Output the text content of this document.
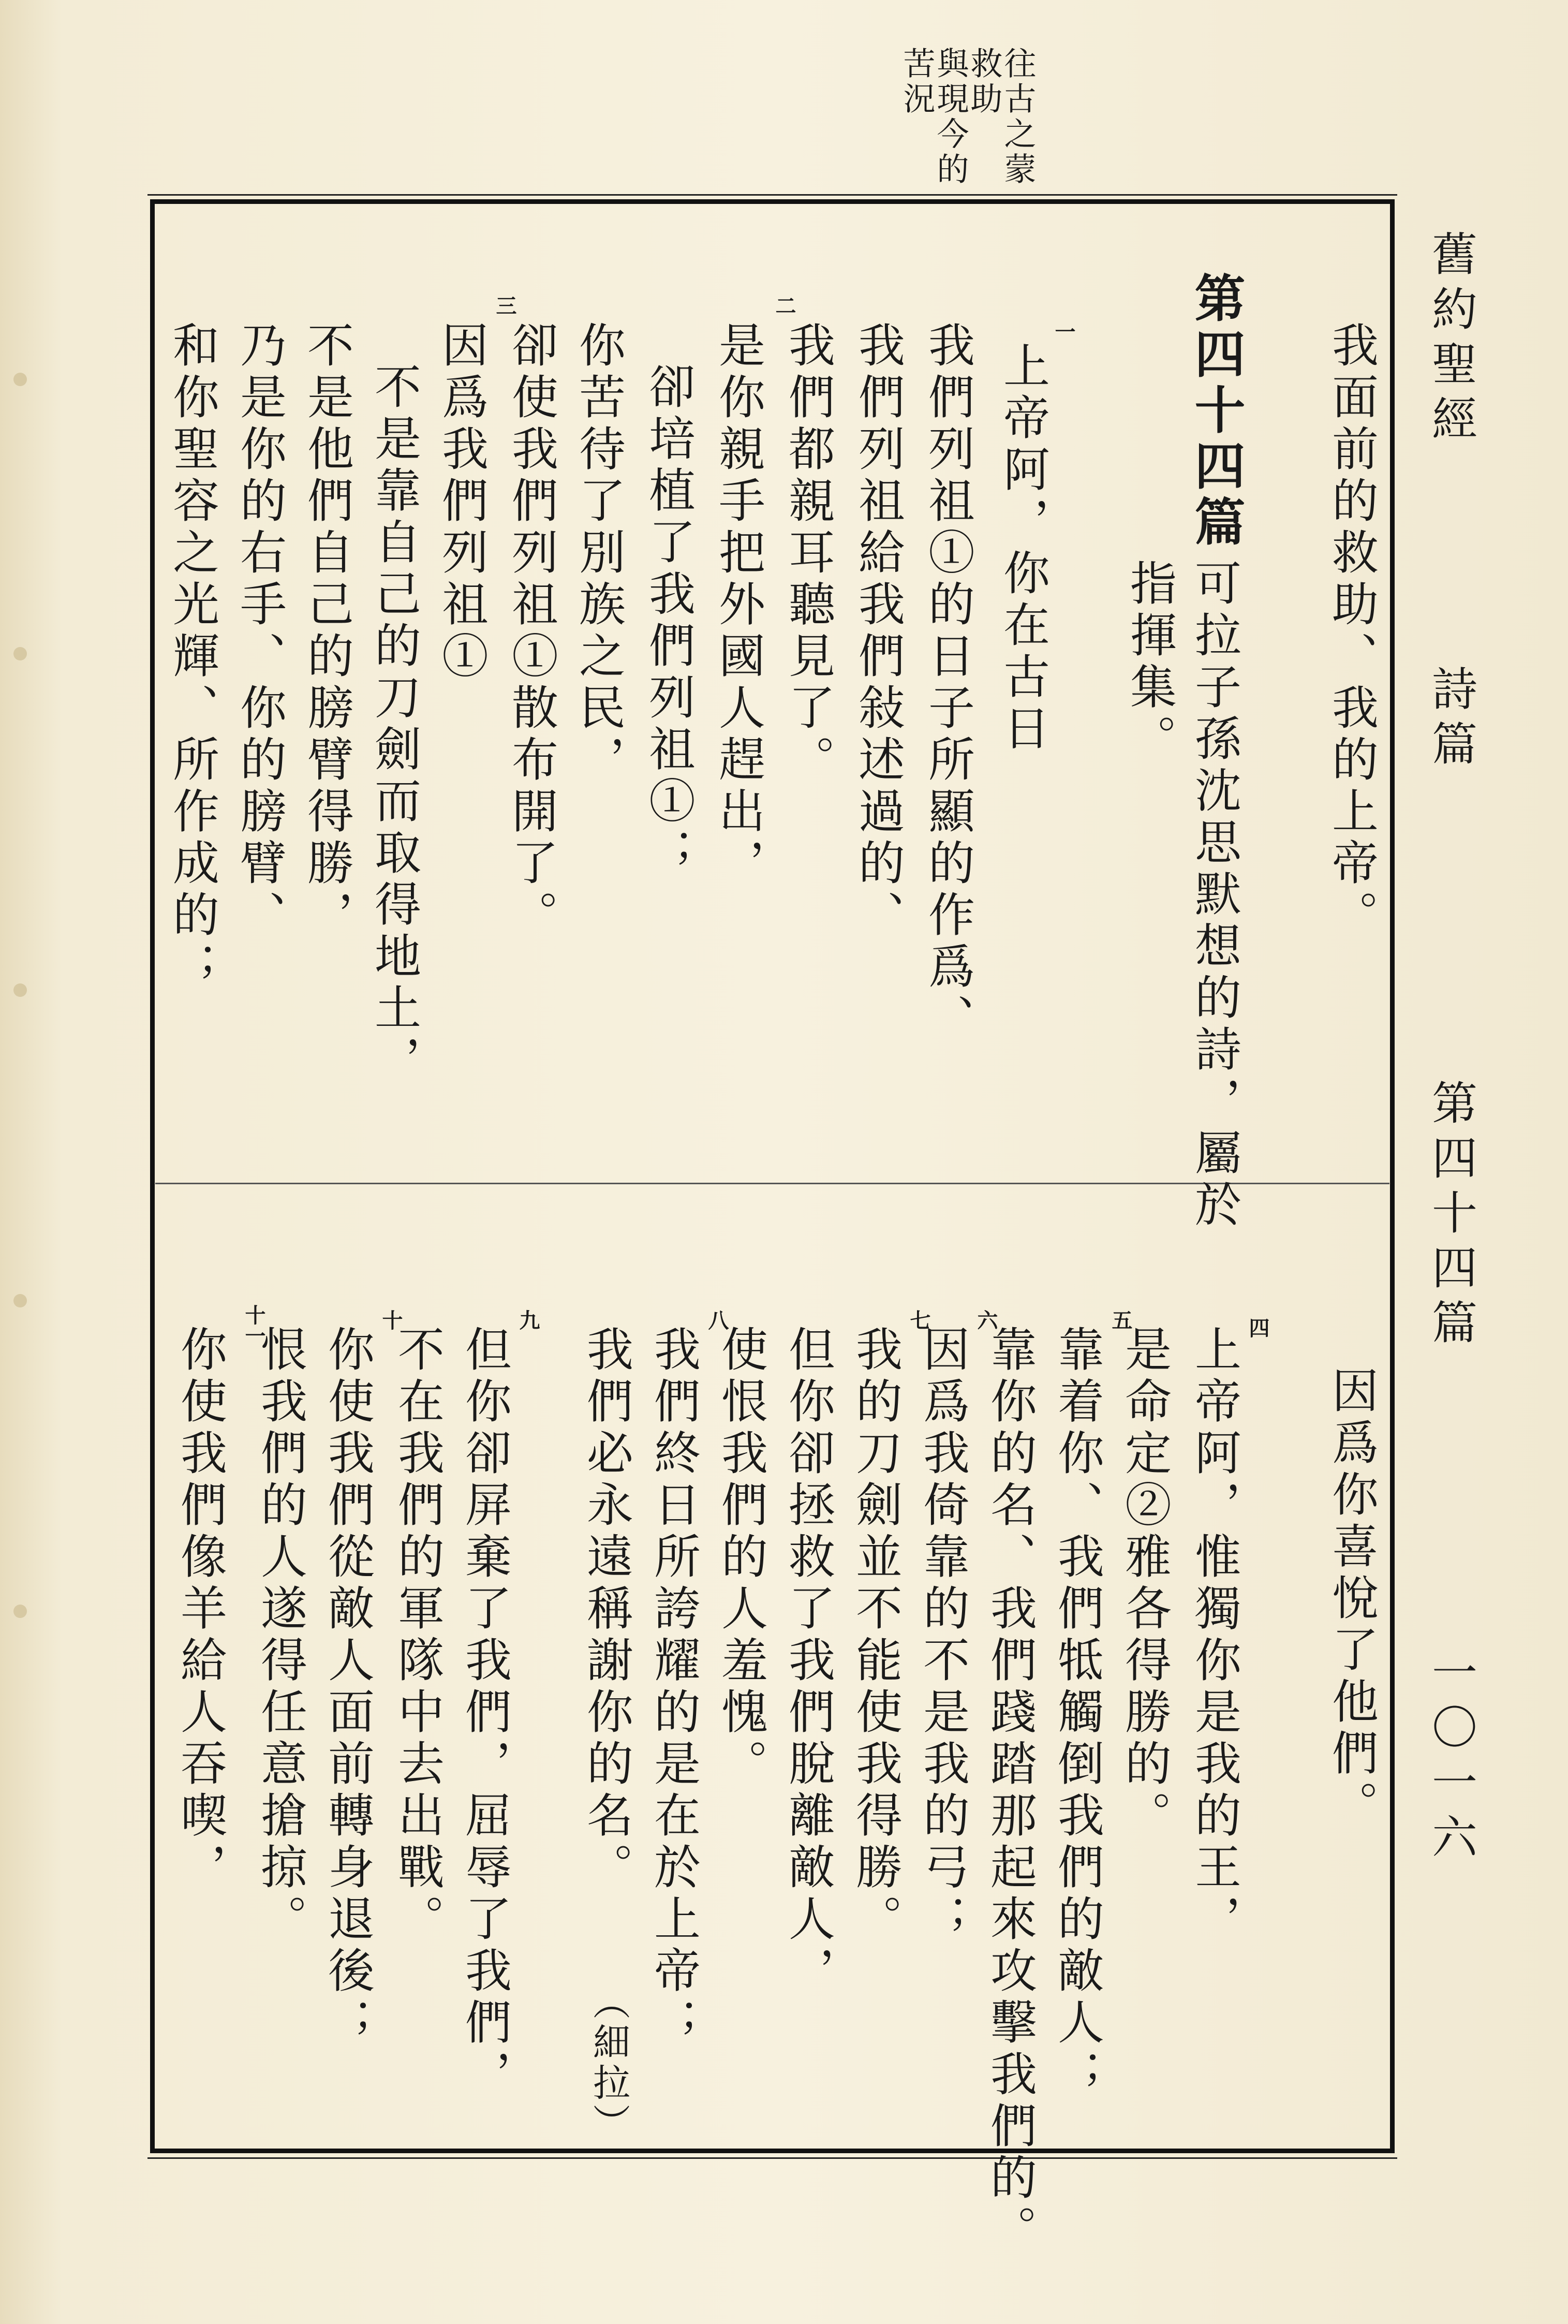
舊約聖經
詩篇
第四十四篇
一〇一六
往古之蒙
救助
與現今的
苦況
我面前的救助、我的上帝。
第四十四篇
可拉子孫沈思默想的詩，屬於
指揮集。
一
上帝阿，你在古日
我們列祖①的日子所顯的作爲、
我們列祖給我們敍述過的、
我們都親耳聽見了。
二
是你親手把外國人趕出，
卻培植了我們列祖①；
你苦待了別族之民，
卻使我們列祖①散布開了。
三
因爲我們列祖①
不是靠自己的刀劍而取得地土，
不是他們自己的膀臂得勝，
乃是你的右手、你的膀臂、
和你聖容之光輝、所作成的；
因爲你喜悅了他們。
四
上帝阿，惟獨你是我的王，
是命定②雅各得勝的。
五
靠着你、我們牴觸倒我們的敵人；
靠你的名、我們踐踏那起來攻擊我們的。
六
因爲我倚靠的不是我的弓；
七
我的刀劍並不能使我得勝。
但你卻拯救了我們脫離敵人，
使恨我們的人羞愧。
八
我們終日所誇耀的是在於上帝；
我們必永遠稱謝你的名。
（細拉）
九
但你卻屏棄了我們，屈辱了我們，
不在我們的軍隊中去出戰。
十
你使我們從敵人面前轉身退後；
恨我們的人遂得任意搶掠。
十一
你使我們像羊給人吞喫，
